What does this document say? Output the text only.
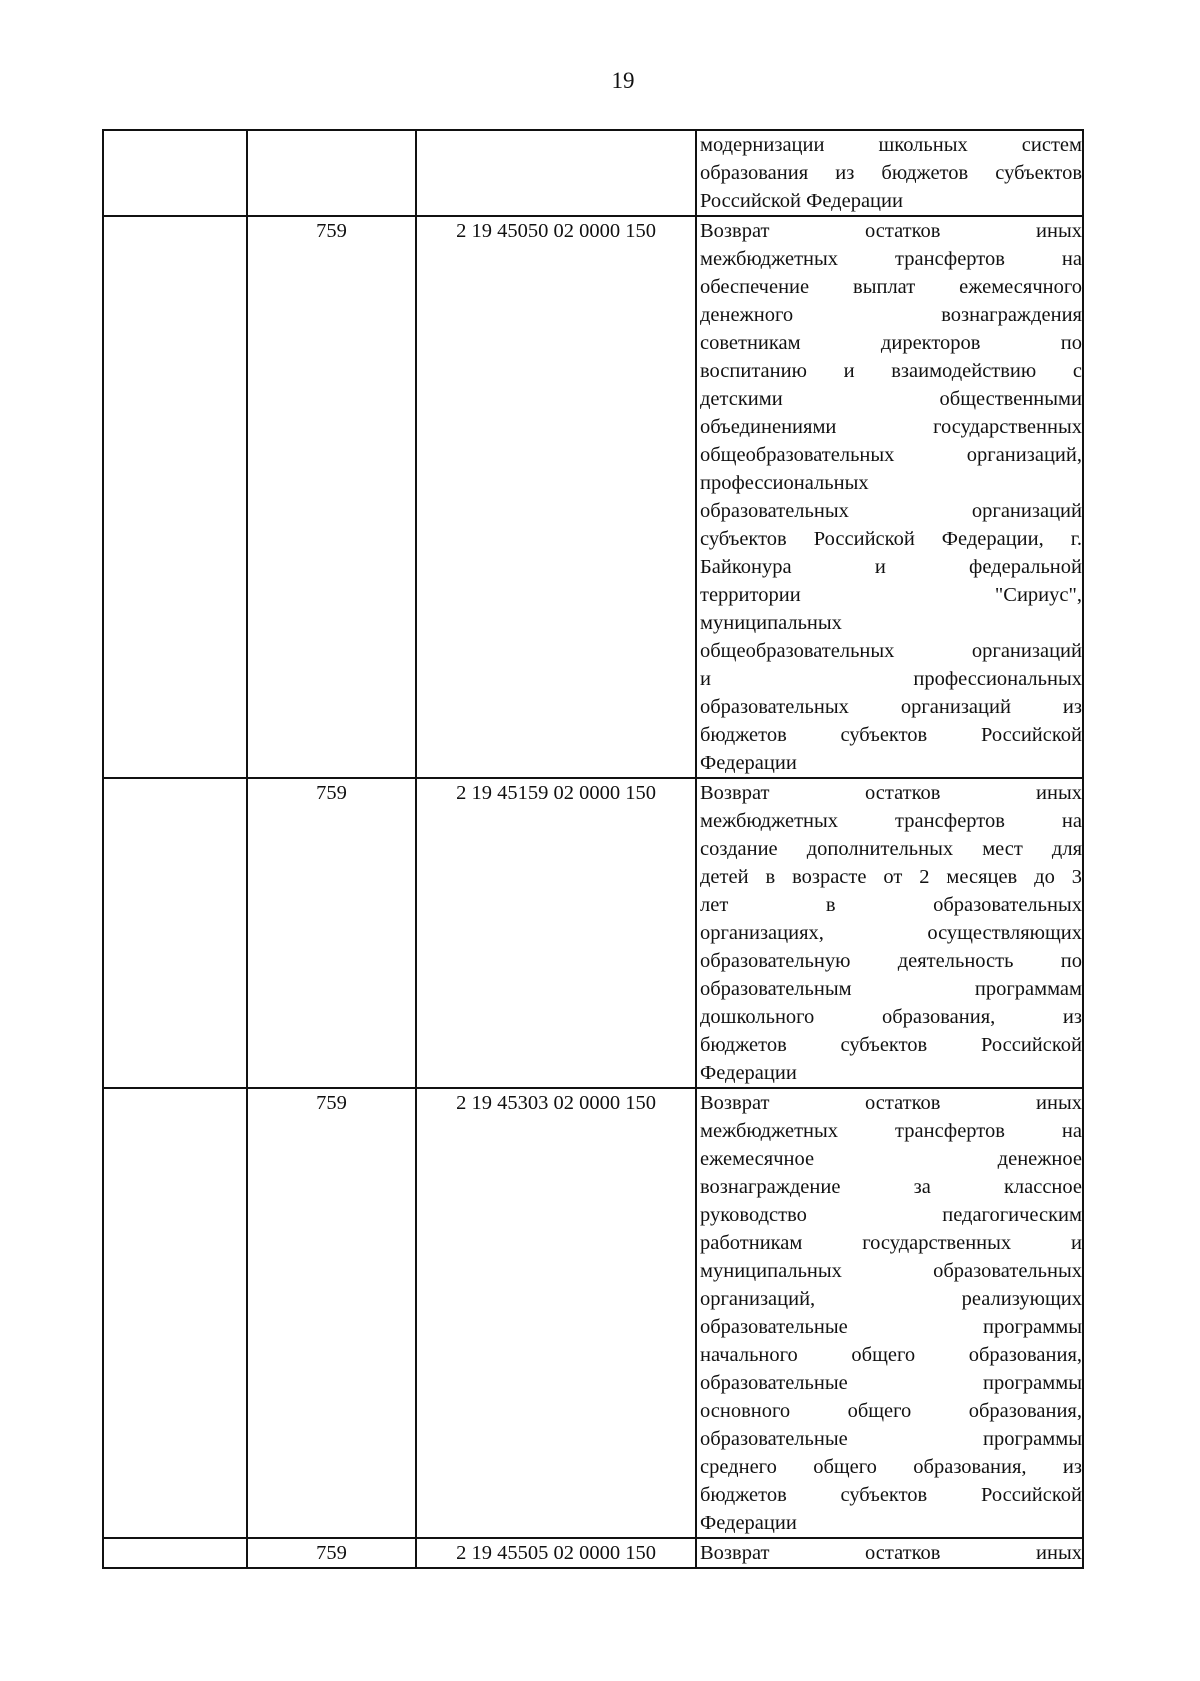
19
модернизации школьных систем
образования из бюджетов субъектов
Российской Федерации
759	2 19 45050 02 0000 150	Возврат остатков иных
межбюджетных трансфертов на
обеспечение выплат ежемесячного
денежного вознаграждения
советникам директоров по
воспитанию и взаимодействию с
детскими общественными
объединениями государственных
общеобразовательных организаций,
профессиональных
образовательных организаций
субъектов Российской Федерации, г.
Байконура и федеральной
территории "Сириус",
муниципальных
общеобразовательных организаций
и профессиональных
образовательных организаций из
бюджетов субъектов Российской
Федерации
759	2 19 45159 02 0000 150	Возврат остатков иных
межбюджетных трансфертов на
создание дополнительных мест для
детей в возрасте от 2 месяцев до 3
лет в образовательных
организациях, осуществляющих
образовательную деятельность по
образовательным программам
дошкольного образования, из
бюджетов субъектов Российской
Федерации
759	2 19 45303 02 0000 150	Возврат остатков иных
межбюджетных трансфертов на
ежемесячное денежное
вознаграждение за классное
руководство педагогическим
работникам государственных и
муниципальных образовательных
организаций, реализующих
образовательные программы
начального общего образования,
образовательные программы
основного общего образования,
образовательные программы
среднего общего образования, из
бюджетов субъектов Российской
Федерации
759	2 19 45505 02 0000 150	Возврат остатков иных
